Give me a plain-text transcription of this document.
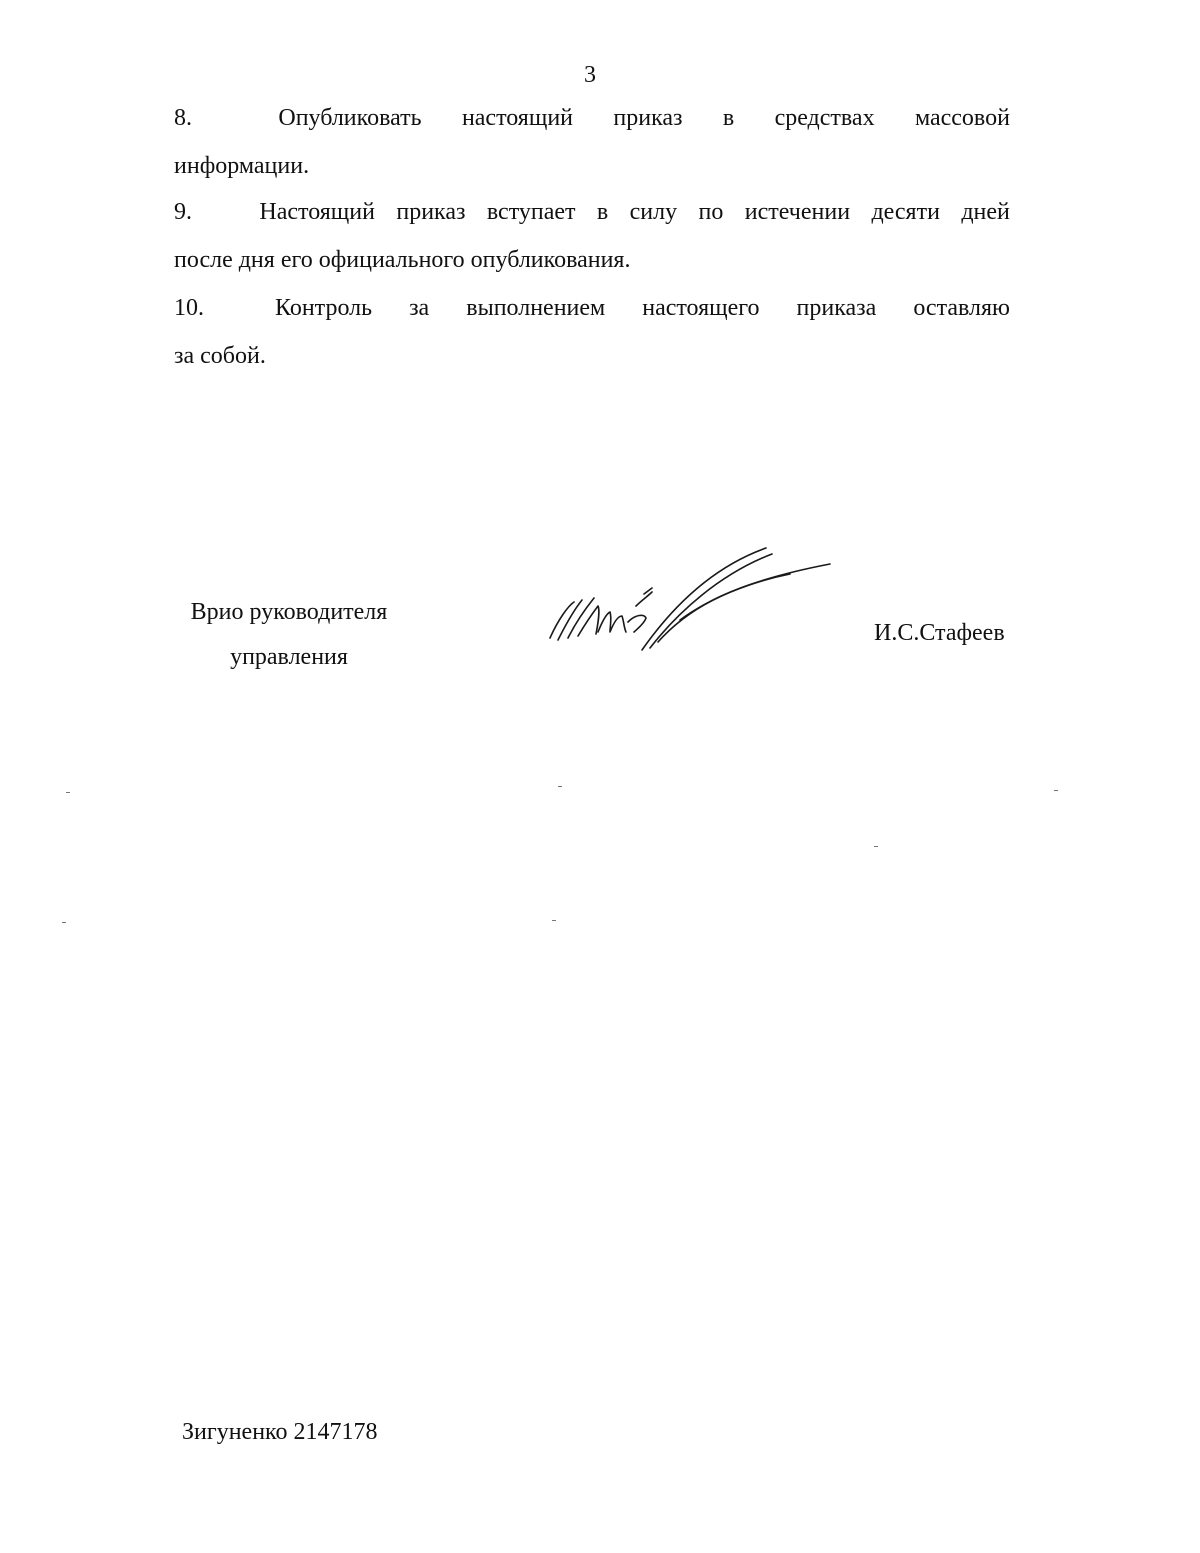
3
8.	Опубликовать настоящий приказ в средствах массовой
информации.
9.	Настоящий приказ вступает в силу по истечении десяти дней
после дня его официального опубликования.
10.	Контроль за выполнением настоящего приказа оставляю
за собой.
Врио руководителя
управления
И.С.Стафеев
Зигуненко 2147178
